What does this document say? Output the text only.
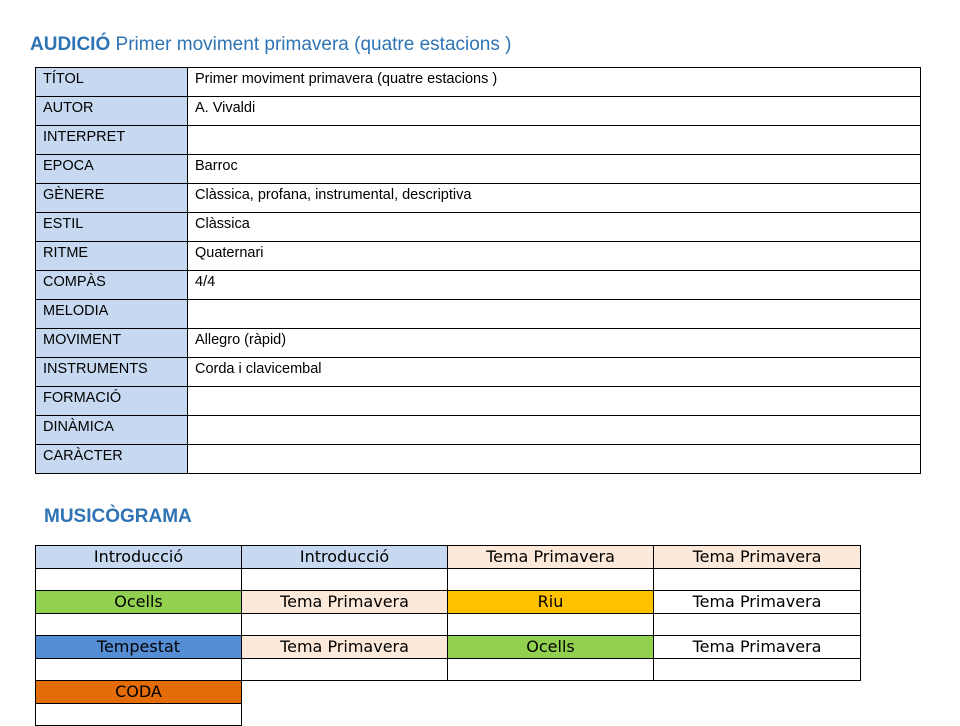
AUDICIÓ Primer moviment primavera (quatre estacions )
TÍTOL	Primer moviment primavera (quatre estacions )
AUTOR	A. Vivaldi
INTERPRET	
EPOCA	Barroc
GÈNERE	Clàssica, profana, instrumental, descriptiva
ESTIL	Clàssica
RITME	Quaternari
COMPÀS	4/4
MELODIA	
MOVIMENT	Allegro (ràpid)
INSTRUMENTS	Corda i clavicembal
FORMACIÓ	
DINÀMICA	
CARÀCTER	
MUSICÒGRAMA
Introducció	Introducció	Tema Primavera	Tema Primavera

Ocells	Tema Primavera	Riu	Tema Primavera

Tempestat	Tema Primavera	Ocells	Tema Primavera

CODA			
